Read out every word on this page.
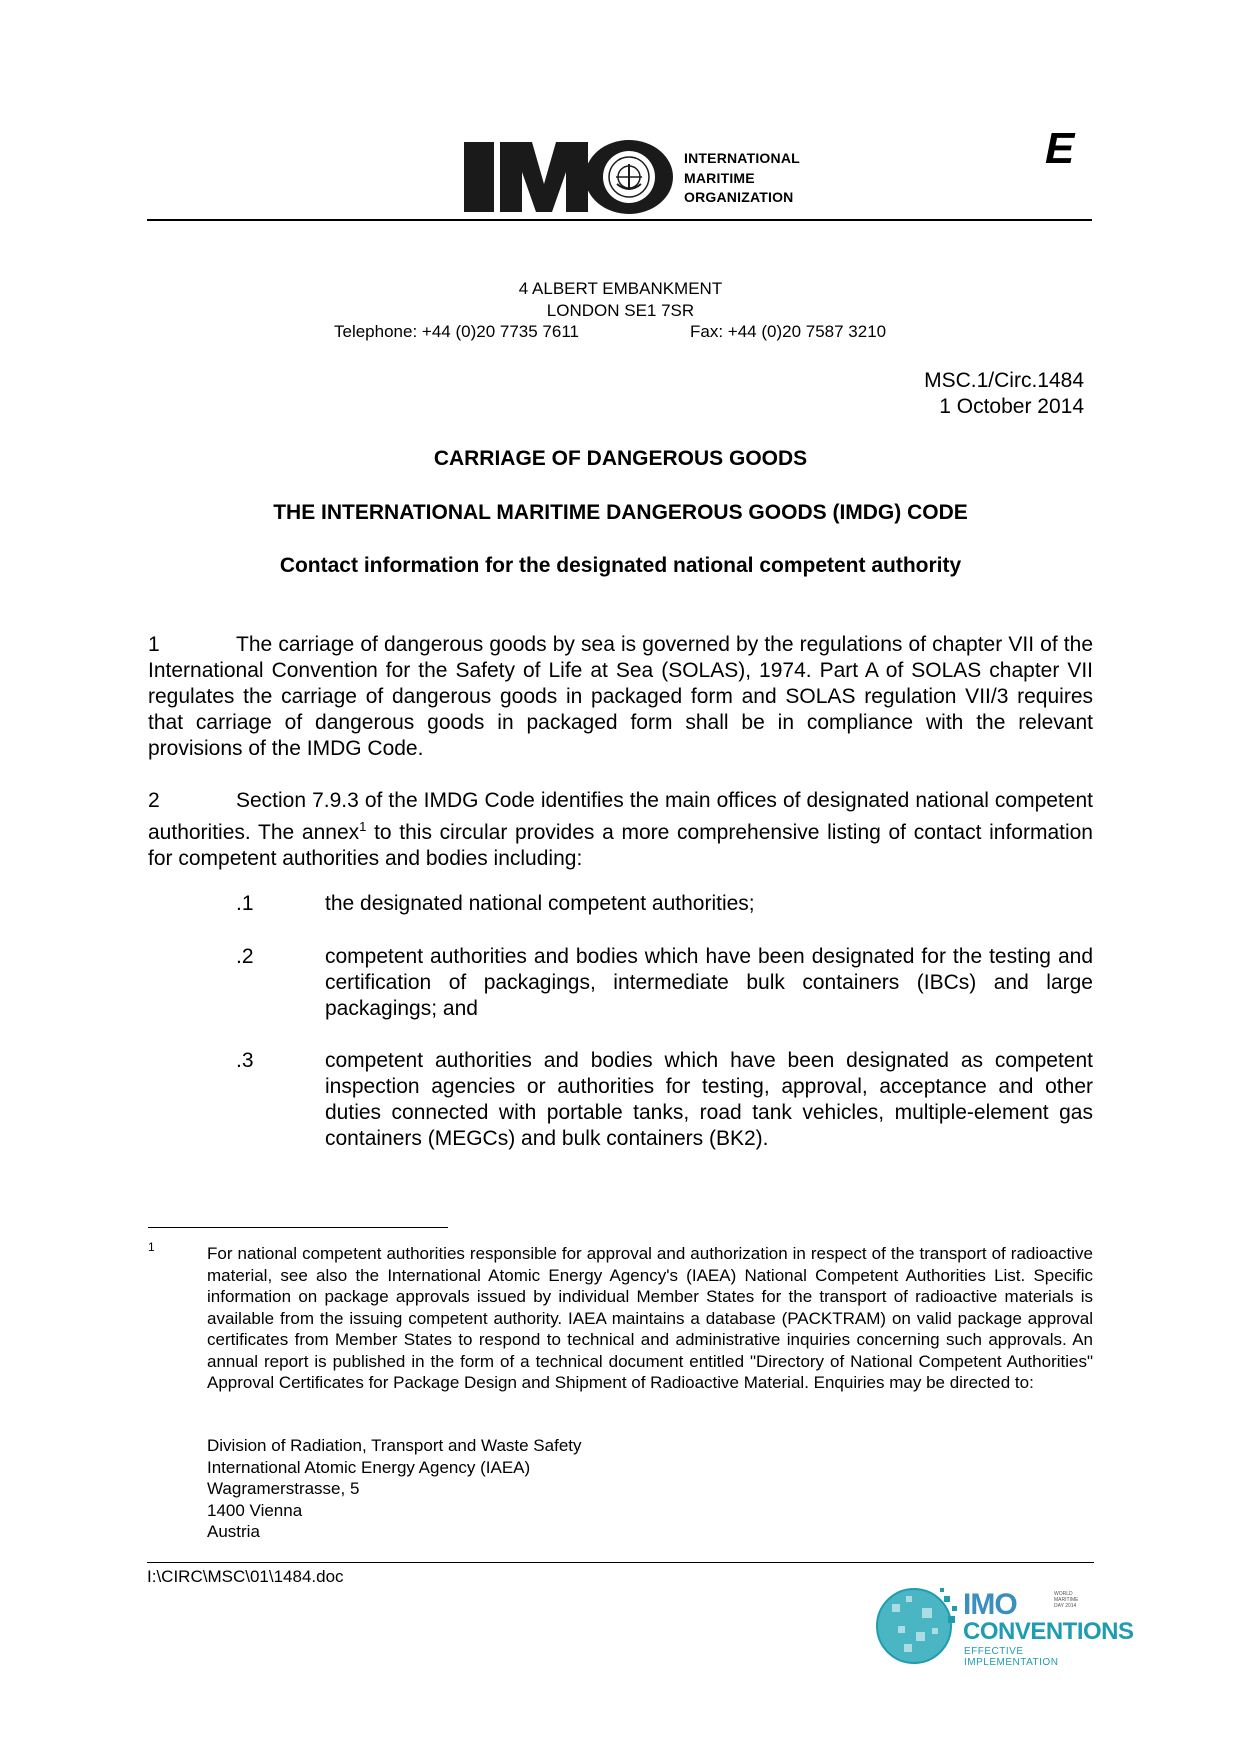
INTERNATIONAL
MARITIME
ORGANIZATION
E
4 ALBERT EMBANKMENT
LONDON SE1 7SR
Telephone: +44 (0)20 7735 7611	Fax: +44 (0)20 7587 3210
MSC.1/Circ.1484
1 October 2014
CARRIAGE OF DANGEROUS GOODS
THE INTERNATIONAL MARITIME DANGEROUS GOODS (IMDG) CODE
Contact information for the designated national competent authority
1	The carriage of dangerous goods by sea is governed by the regulations of chapter VII of the International Convention for the Safety of Life at Sea (SOLAS), 1974. Part A of SOLAS chapter VII regulates the carriage of dangerous goods in packaged form and SOLAS regulation VII/3 requires that carriage of dangerous goods in packaged form shall be in compliance with the relevant provisions of the IMDG Code.
2	Section 7.9.3 of the IMDG Code identifies the main offices of designated national competent authorities. The annex$^1$ to this circular provides a more comprehensive listing of contact information for competent authorities and bodies including:
.1	the designated national competent authorities;
.2	competent authorities and bodies which have been designated for the testing and certification of packagings, intermediate bulk containers (IBCs) and large packagings; and
.3	competent authorities and bodies which have been designated as competent inspection agencies or authorities for testing, approval, acceptance and other duties connected with portable tanks, road tank vehicles, multiple-element gas containers (MEGCs) and bulk containers (BK2).
1	For national competent authorities responsible for approval and authorization in respect of the transport of radioactive material, see also the International Atomic Energy Agency's (IAEA) National Competent Authorities List. Specific information on package approvals issued by individual Member States for the transport of radioactive materials is available from the issuing competent authority. IAEA maintains a database (PACKTRAM) on valid package approval certificates from Member States to respond to technical and administrative inquiries concerning such approvals. An annual report is published in the form of a technical document entitled "Directory of National Competent Authorities" Approval Certificates for Package Design and Shipment of Radioactive Material. Enquiries may be directed to:
Division of Radiation, Transport and Waste Safety
International Atomic Energy Agency (IAEA)
Wagramerstrasse, 5
1400 Vienna
Austria
I:\CIRC\MSC\01\1484.doc
IMO	WORLD
MARITIME
DAY 2014
CONVENTIONS
EFFECTIVE IMPLEMENTATION
